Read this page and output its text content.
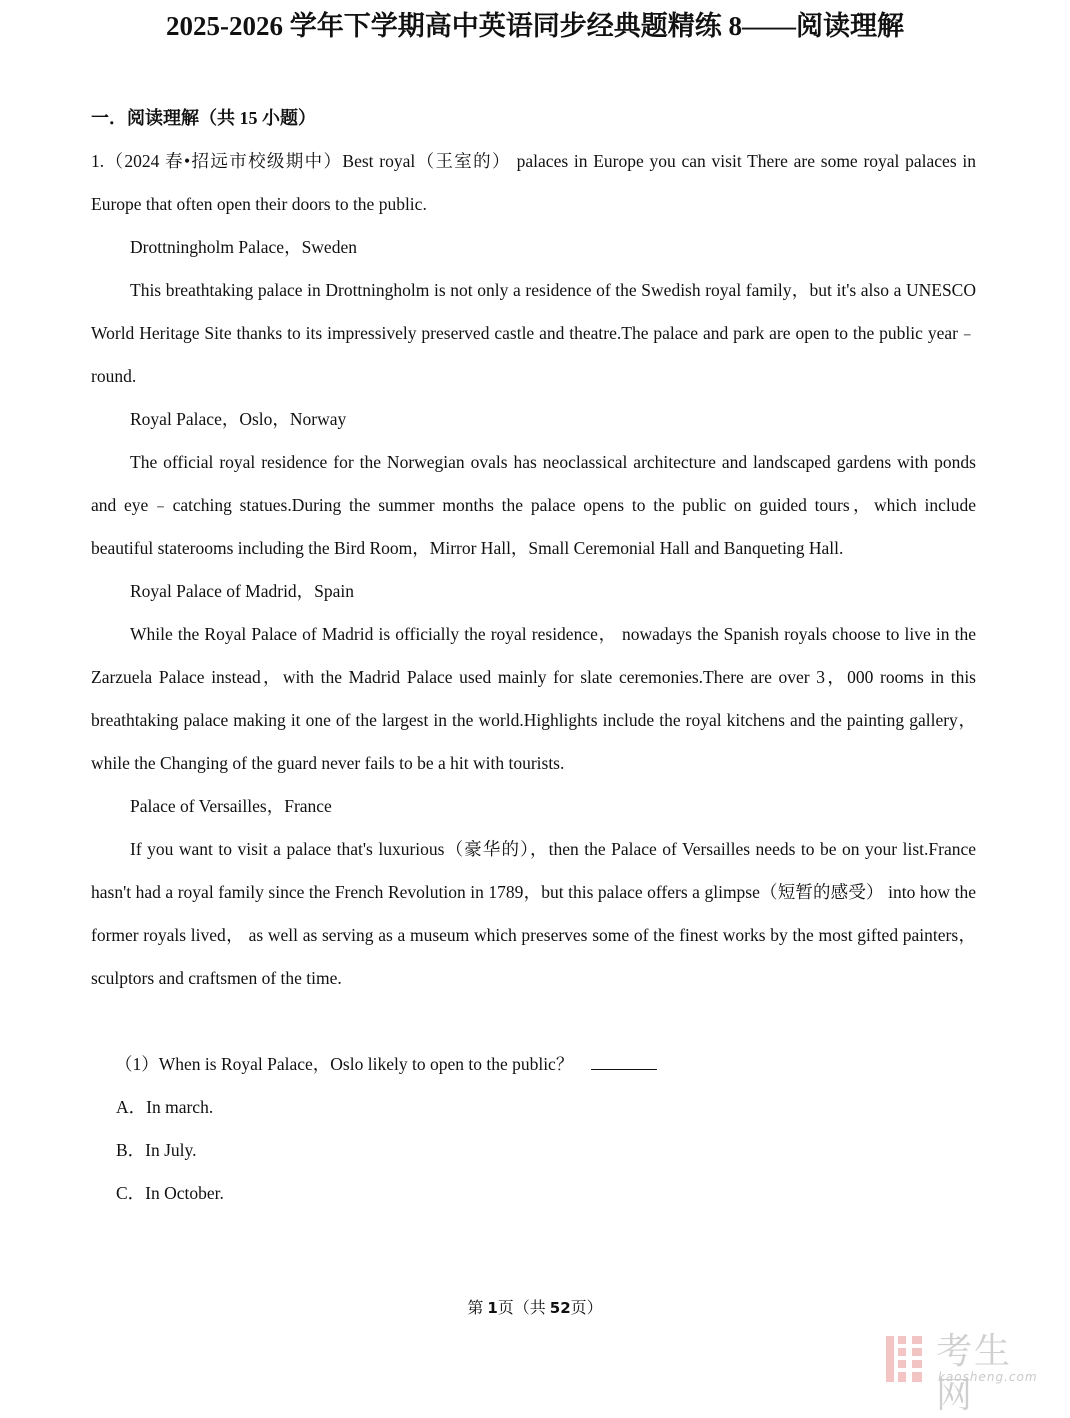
2025-2026 学年下学期高中英语同步经典题精练 8——阅读理解
一．阅读理解（共 15 小题）

1.（2024 春•招远市校级期中）Best royal（王室的） palaces in Europe you can visit There are some royal palaces in Europe that often open their doors to the public.

Drottningholm Palace，Sweden

This breathtaking palace in Drottningholm is not only a residence of the Swedish royal family，but it's also a UNESCO World Heritage Site thanks to its impressively preserved castle and theatre.The palace and park are open to the public year﹣round.

Royal Palace，Oslo，Norway

The official royal residence for the Norwegian ovals has neoclassical architecture and landscaped gardens with ponds and eye﹣catching statues.During the summer months the palace opens to the public on guided tours，which include beautiful staterooms including the Bird Room，Mirror Hall，Small Ceremonial Hall and Banqueting Hall.

Royal Palace of Madrid，Spain

While the Royal Palace of Madrid is officially the royal residence， nowadays the Spanish royals choose to live in the Zarzuela Palace instead，with the Madrid Palace used mainly for slate ceremonies.There are over 3，000 rooms in this breathtaking palace making it one of the largest in the world.Highlights include the royal kitchens and the painting gallery， while the Changing of the guard never fails to be a hit with tourists.

Palace of Versailles，France

If you want to visit a palace that's luxurious（豪华的），then the Palace of Versailles needs to be on your list.France hasn't had a royal family since the French Revolution in 1789，but this palace offers a glimpse（短暂的感受） into how the former royals lived， as well as serving as a museum which preserves some of the finest works by the most gifted painters， sculptors and craftsmen of the time.

（1）When is Royal Palace，Oslo likely to open to the public？

A．In march.

B．In July.

C．In October.

第 1页（共 52页）
考生网
kaosheng.com
